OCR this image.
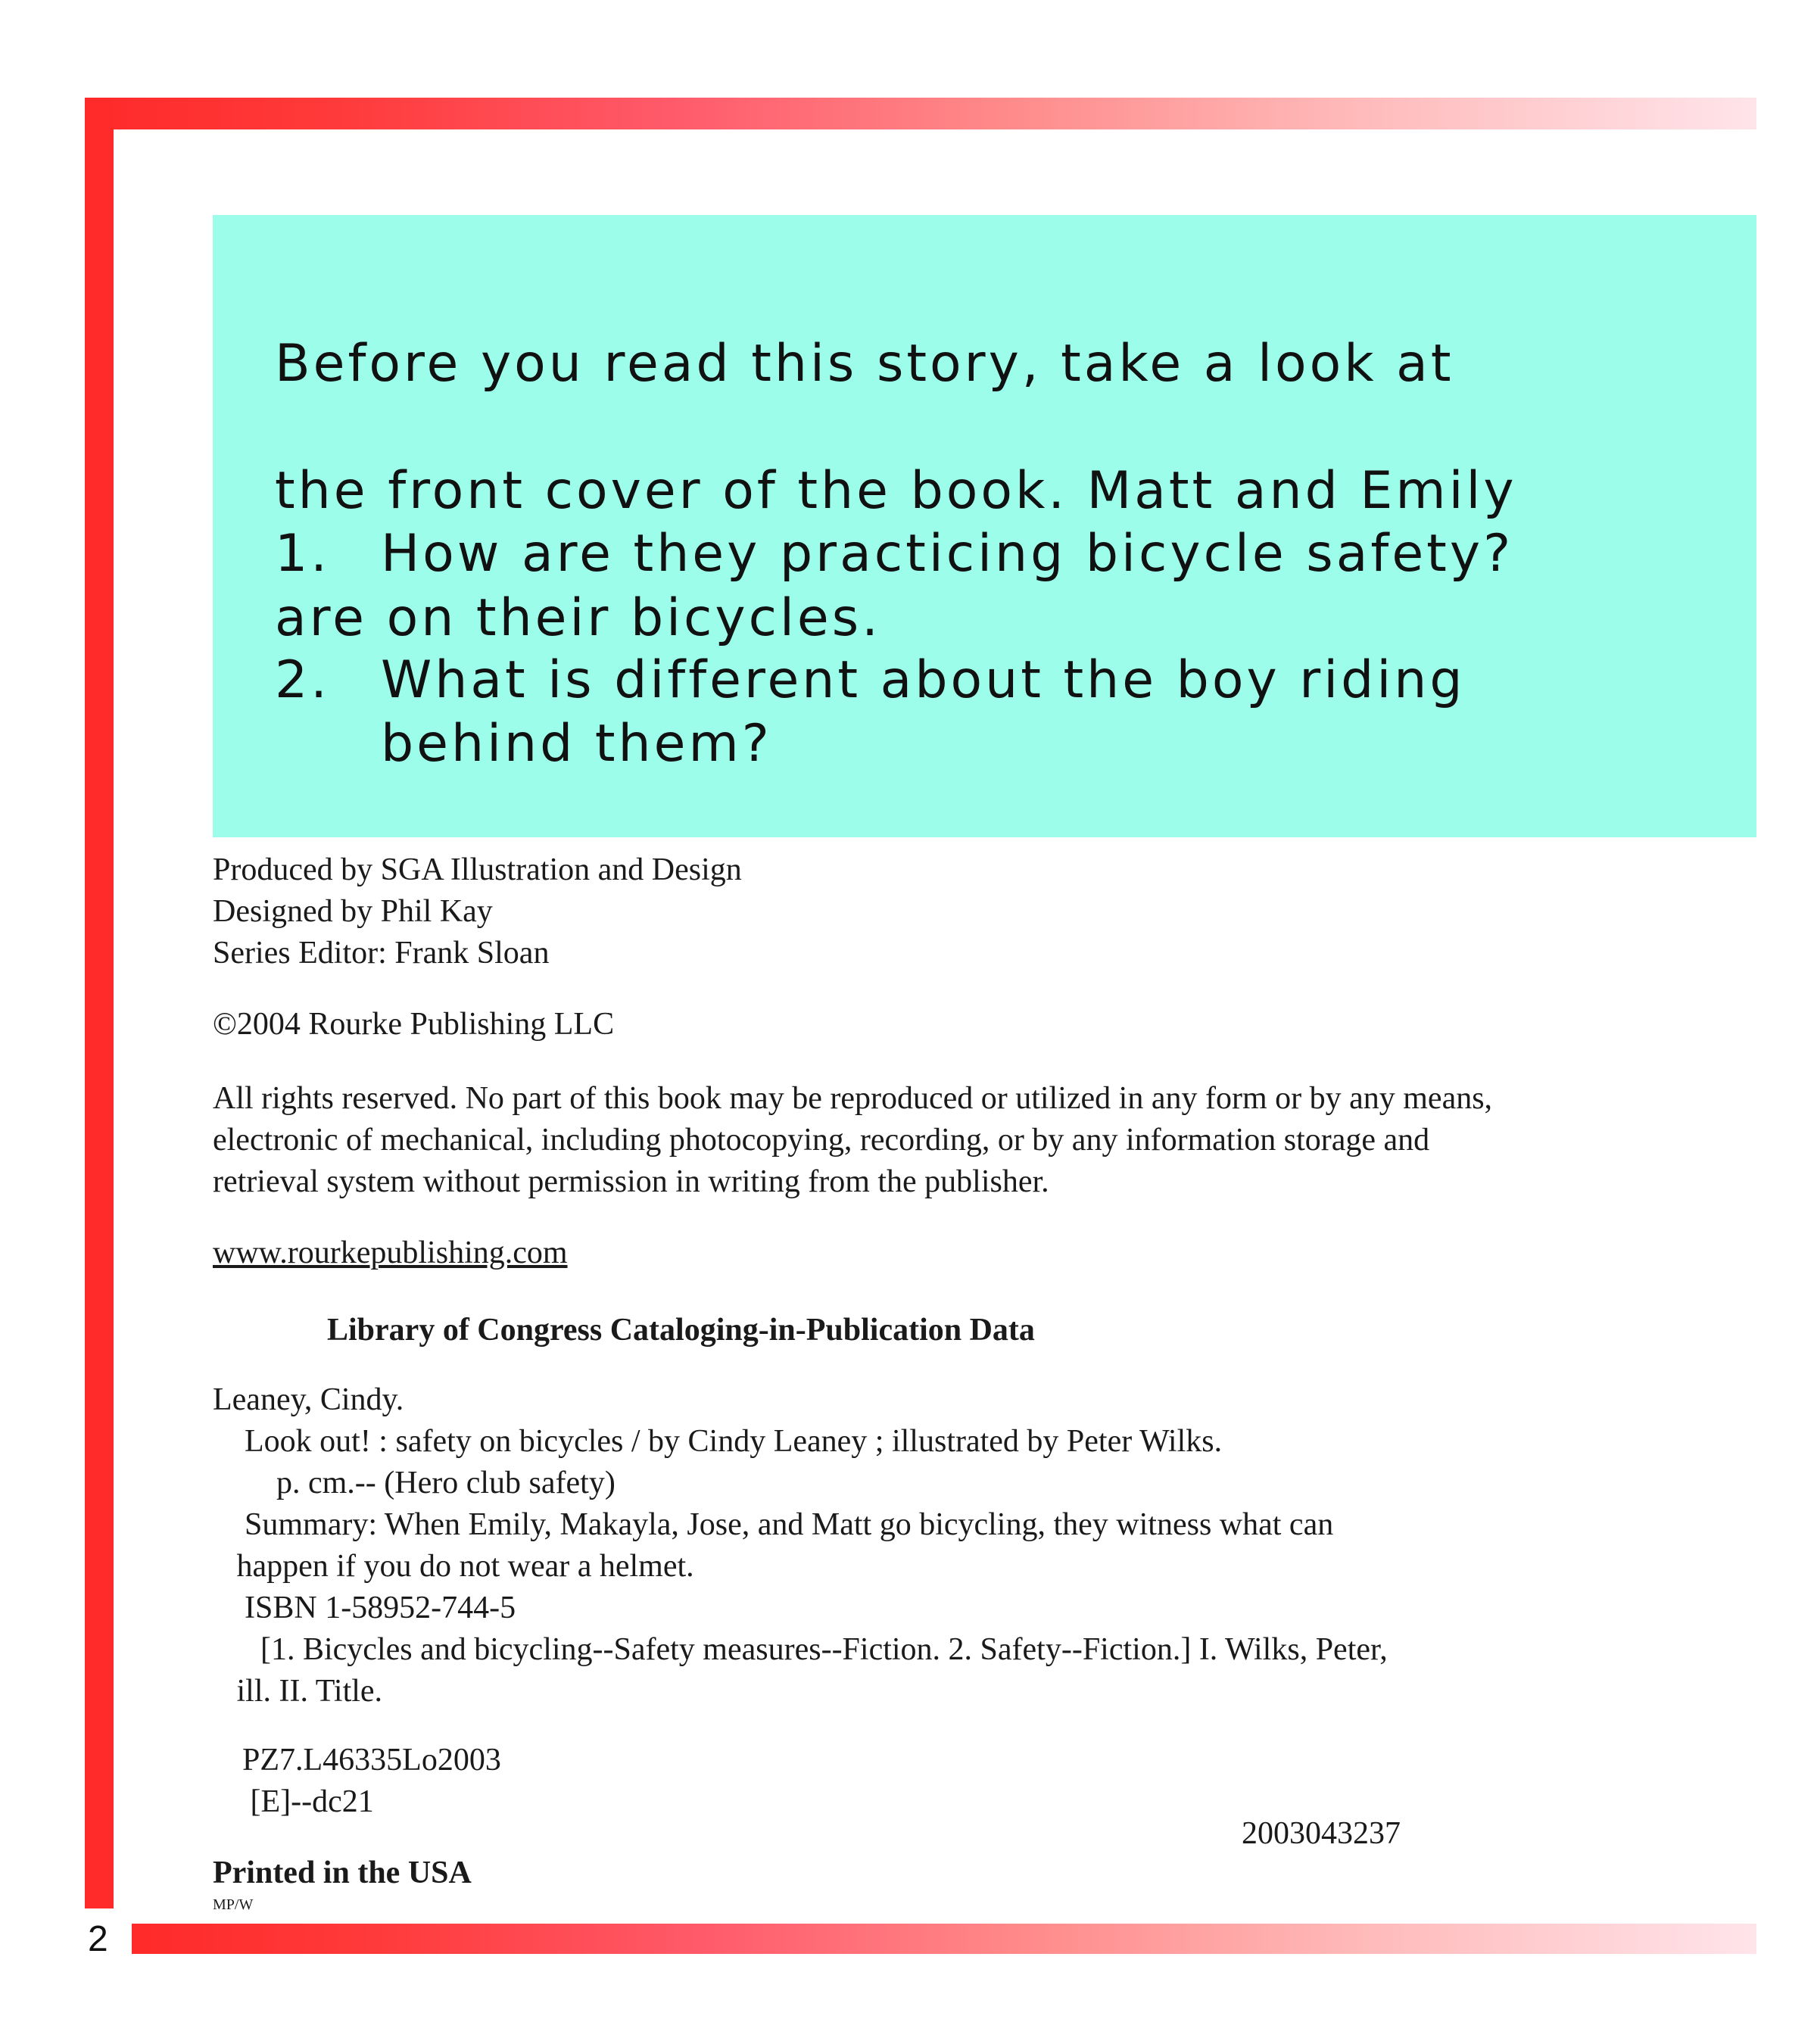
2

Before you read this story, take a look at

the front cover of the book. Matt and Emily

are on their bicycles.

1. How are they practicing bicycle safety?
2. What is different about the boy riding
behind them?
Produced by SGA Illustration and Design
Designed by Phil Kay
Series Editor: Frank Sloan
©2004 Rourke Publishing LLC
All rights reserved. No part of this book may be reproduced or utilized in any form or by any means,
electronic of mechanical, including photocopying, recording, or by any information storage and
retrieval system without permission in writing from the publisher.
www.rourkepublishing.com
Library of Congress Cataloging-in-Publication Data
Leaney, Cindy.
Look out! : safety on bicycles / by Cindy Leaney ; illustrated by Peter Wilks.
p. cm.-- (Hero club safety)
Summary: When Emily, Makayla, Jose, and Matt go bicycling, they witness what can
happen if you do not wear a helmet.
ISBN 1-58952-744-5
[1. Bicycles and bicycling--Safety measures--Fiction. 2. Safety--Fiction.] I. Wilks, Peter,
ill. II. Title.
PZ7.L46335Lo2003
[E]--dc21
2003043237
Printed in the USA
MP/W
